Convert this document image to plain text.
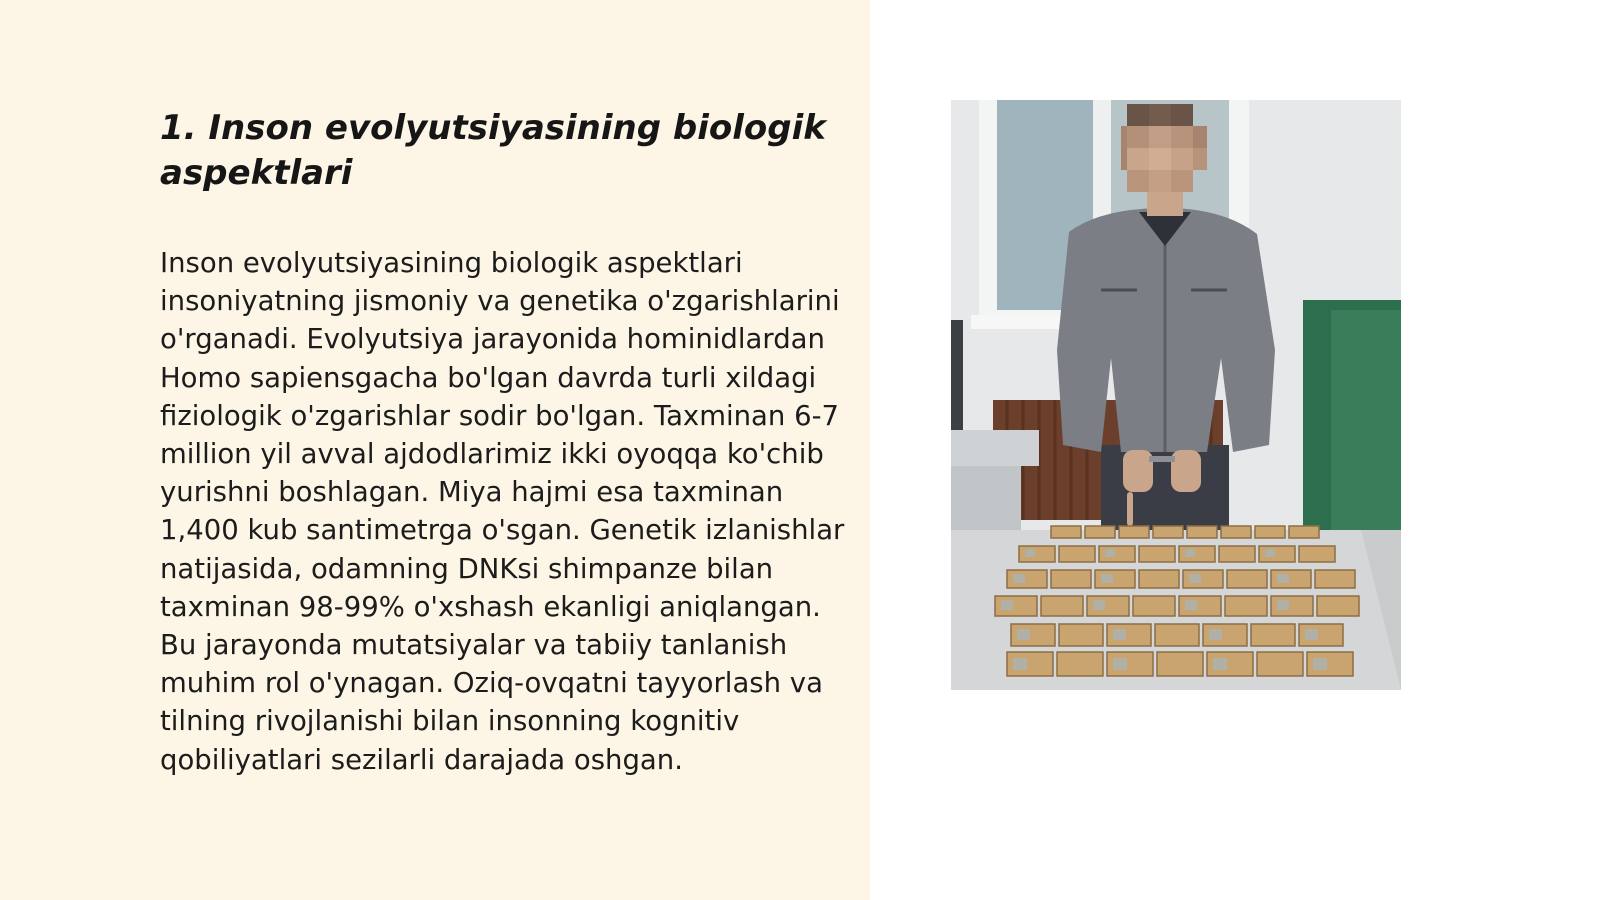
1. Inson evolyutsiyasining biologik aspektlari

Inson evolyutsiyasining biologik aspektlari insoniyatning jismoniy va genetika o'zgarishlarini o'rganadi. Evolyutsiya jarayonida hominidlardan Homo sapiensgacha bo'lgan davrda turli xildagi fiziologik o'zgarishlar sodir bo'lgan. Taxminan 6-7 million yil avval ajdodlarimiz ikki oyoqqa ko'chib yurishni boshlagan. Miya hajmi esa taxminan 1,400 kub santimetrga o'sgan. Genetik izlanishlar natijasida, odamning DNKsi shimpanze bilan taxminan 98-99% o'xshash ekanligi aniqlangan. Bu jarayonda mutatsiyalar va tabiiy tanlanish muhim rol o'ynagan. Oziq-ovqatni tayyorlash va tilning rivojlanishi bilan insonning kognitiv qobiliyatlari sezilarli darajada oshgan.
